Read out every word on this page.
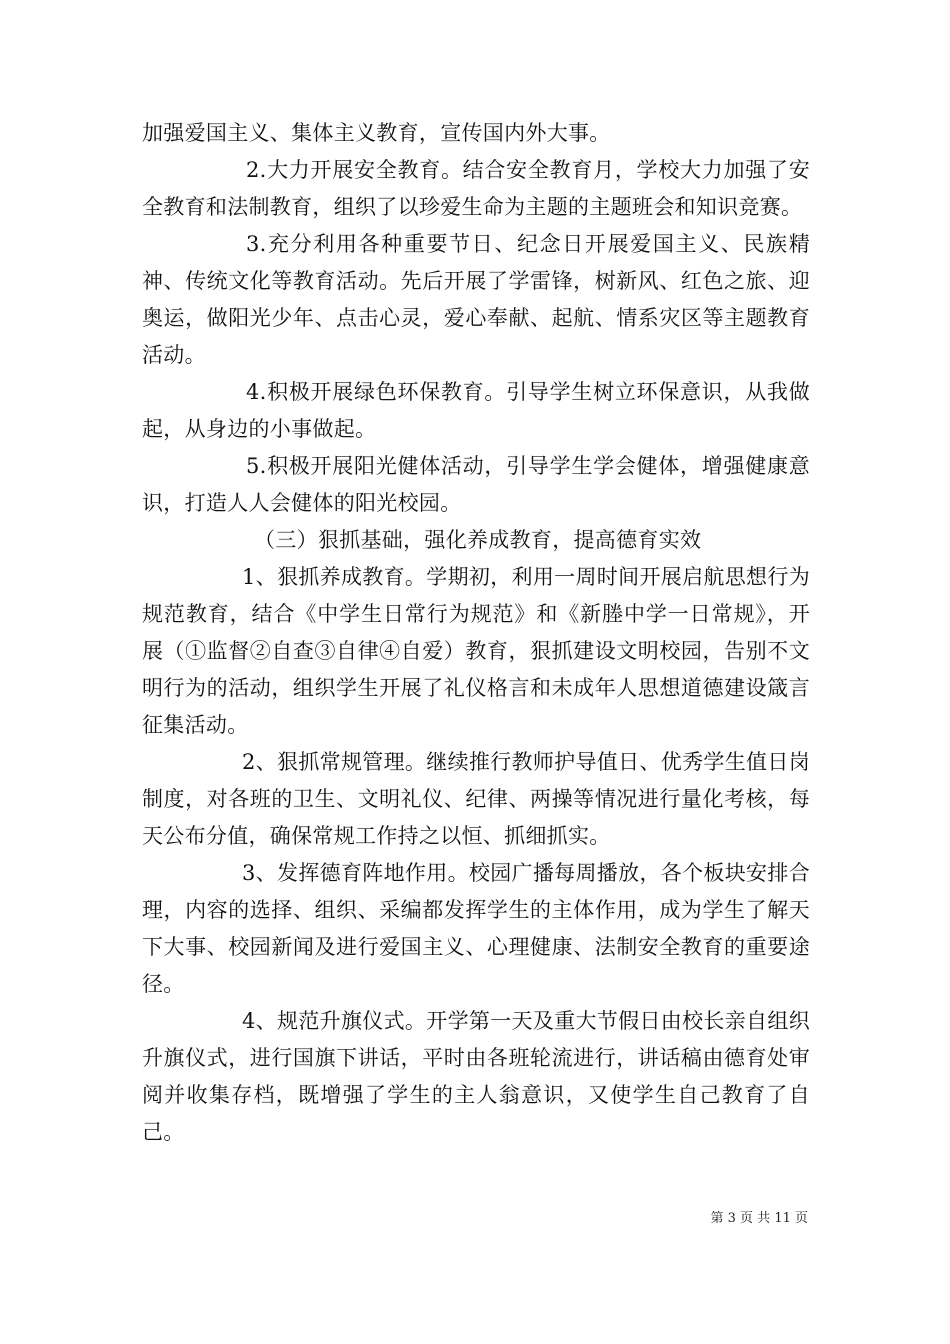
加强爱国主义、集体主义教育，宣传国内外大事。

2.大力开展安全教育。结合安全教育月，学校大力加强了安全教育和法制教育，组织了以珍爱生命为主题的主题班会和知识竞赛。

3.充分利用各种重要节日、纪念日开展爱国主义、民族精神、传统文化等教育活动。先后开展了学雷锋，树新风、红色之旅、迎奥运，做阳光少年、点击心灵，爱心奉献、起航、情系灾区等主题教育活动。

4.积极开展绿色环保教育。引导学生树立环保意识，从我做起，从身边的小事做起。

5.积极开展阳光健体活动，引导学生学会健体，增强健康意识，打造人人会健体的阳光校园。

（三）狠抓基础，强化养成教育，提高德育实效

1、狠抓养成教育。学期初，利用一周时间开展启航思想行为规范教育，结合《中学生日常行为规范》和《新塍中学一日常规》，开展（①监督②自查③自律④自爱）教育，狠抓建设文明校园，告别不文明行为的活动，组织学生开展了礼仪格言和未成年人思想道德建设箴言征集活动。

2、狠抓常规管理。继续推行教师护导值日、优秀学生值日岗制度，对各班的卫生、文明礼仪、纪律、两操等情况进行量化考核，每天公布分值，确保常规工作持之以恒、抓细抓实。

3、发挥德育阵地作用。校园广播每周播放，各个板块安排合理，内容的选择、组织、采编都发挥学生的主体作用，成为学生了解天下大事、校园新闻及进行爱国主义、心理健康、法制安全教育的重要途径。

4、规范升旗仪式。开学第一天及重大节假日由校长亲自组织升旗仪式，进行国旗下讲话，平时由各班轮流进行，讲话稿由德育处审阅并收集存档，既增强了学生的主人翁意识，又使学生自己教育了自己。

第 3 页 共 11 页
